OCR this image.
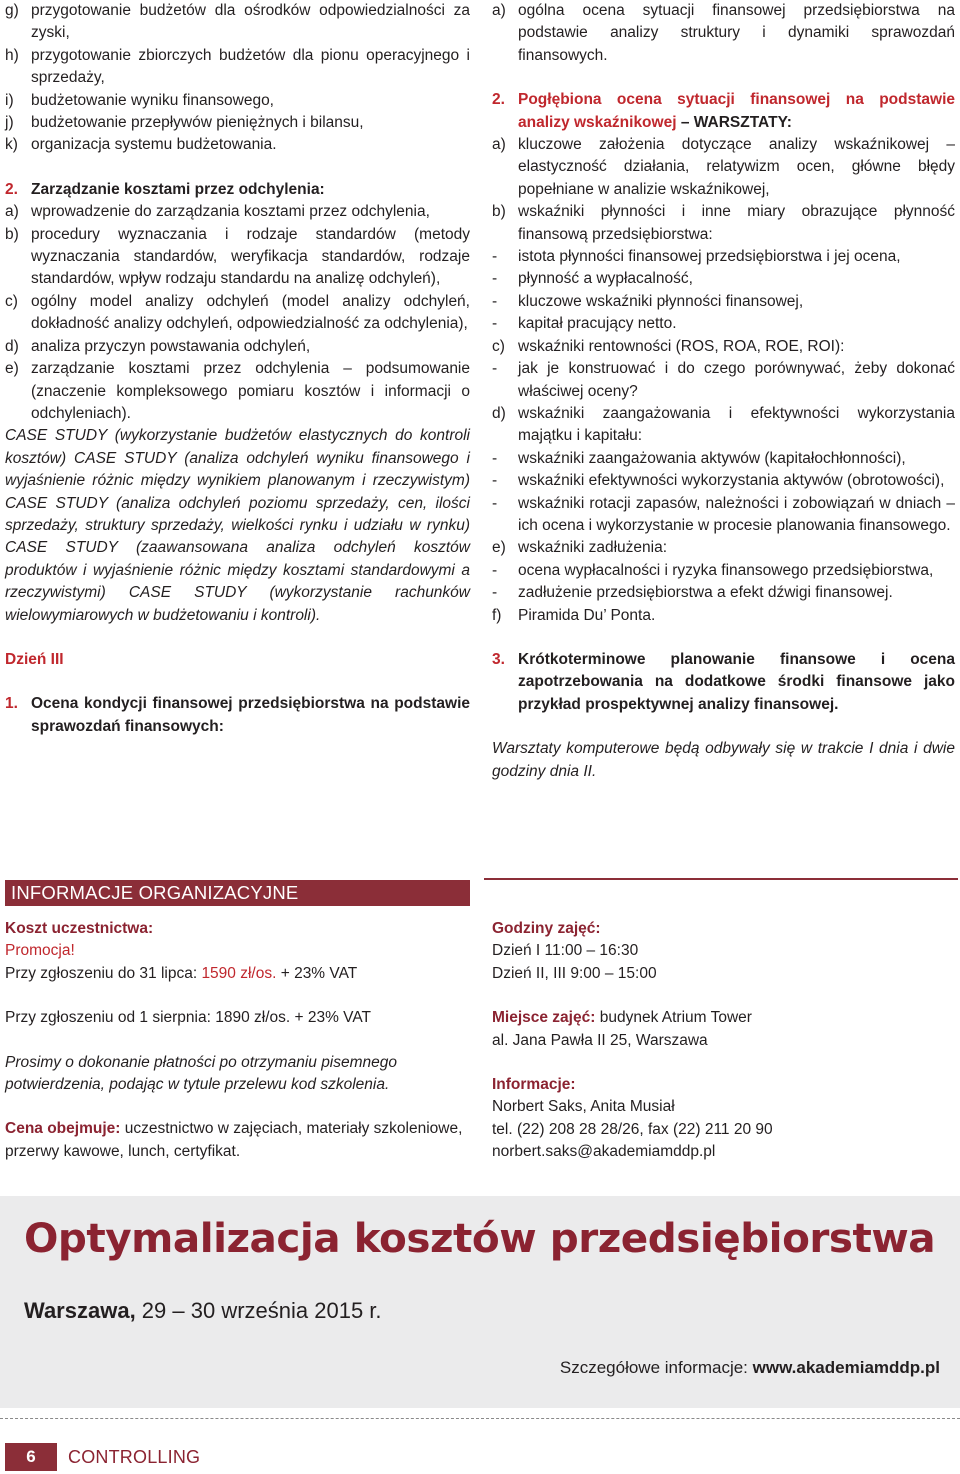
g) przygotowanie budżetów dla ośrodków odpowiedzialności za zyski,
h) przygotowanie zbiorczych budżetów dla pionu operacyjnego i sprzedaży,
i) budżetowanie wyniku finansowego,
j) budżetowanie przepływów pieniężnych i bilansu,
k) organizacja systemu budżetowania.
2. Zarządzanie kosztami przez odchylenia:
a) wprowadzenie do zarządzania kosztami przez odchylenia,
b) procedury wyznaczania i rodzaje standardów (metody wyznaczania standardów, weryfikacja standardów, rodzaje standardów, wpływ rodzaju standardu na analizę odchyleń),
c) ogólny model analizy odchyleń (model analizy odchyleń, dokładność analizy odchyleń, odpowiedzialność za odchylenia),
d) analiza przyczyn powstawania odchyleń,
e) zarządzanie kosztami przez odchylenia – podsumowanie (znaczenie kompleksowego pomiaru kosztów i informacji o odchyleniach).
CASE STUDY (wykorzystanie budżetów elastycznych do kontroli kosztów) CASE STUDY (analiza odchyleń wyniku finansowego i wyjaśnienie różnic między wynikiem planowanym i rzeczywistym) CASE STUDY (analiza odchyleń poziomu sprzedaży, cen, ilości sprzedaży, struktury sprzedaży, wielkości rynku i udziału w rynku) CASE STUDY (zaawansowana analiza odchyleń kosztów produktów i wyjaśnienie różnic między kosztami standardowymi a rzeczywistymi) CASE STUDY (wykorzystanie rachunków wielowymiarowych w budżetowaniu i kontroli).
Dzień III
1. Ocena kondycji finansowej przedsiębiorstwa na podstawie sprawozdań finansowych:
a) ogólna ocena sytuacji finansowej przedsiębiorstwa na podstawie analizy struktury i dynamiki sprawozdań finansowych.
2. Pogłębiona ocena sytuacji finansowej na podstawie analizy wskaźnikowej – WARSZTATY:
a) kluczowe założenia dotyczące analizy wskaźnikowej – elastyczność działania, relatywizm ocen, główne błędy popełniane w analizie wskaźnikowej,
b) wskaźniki płynności i inne miary obrazujące płynność finansową przedsiębiorstwa:
- istota płynności finansowej przedsiębiorstwa i jej ocena,
- płynność a wypłacalność,
- kluczowe wskaźniki płynności finansowej,
- kapitał pracujący netto.
c) wskaźniki rentowności (ROS, ROA, ROE, ROI):
- jak je konstruować i do czego porównywać, żeby dokonać właściwej oceny?
d) wskaźniki zaangażowania i efektywności wykorzystania majątku i kapitału:
- wskaźniki zaangażowania aktywów (kapitałochłonności),
- wskaźniki efektywności wykorzystania aktywów (obrotowości),
- wskaźniki rotacji zapasów, należności i zobowiązań w dniach – ich ocena i wykorzystanie w procesie planowania finansowego.
e) wskaźniki zadłużenia:
- ocena wypłacalności i ryzyka finansowego przedsiębiorstwa,
- zadłużenie przedsiębiorstwa a efekt dźwigi finansowej.
f) Piramida Du’ Ponta.
3. Krótkoterminowe planowanie finansowe i ocena zapotrzebowania na dodatkowe środki finansowe jako przykład prospektywnej analizy finansowej.
Warsztaty komputerowe będą odbywały się w trakcie I dnia i dwie godziny dnia II.
INFORMACJE ORGANIZACYJNE
Koszt uczestnictwa:
Promocja!
Przy zgłoszeniu do 31 lipca: 1590 zł/os. + 23% VAT
Przy zgłoszeniu od 1 sierpnia: 1890 zł/os. + 23% VAT
Prosimy o dokonanie płatności po otrzymaniu pisemnego potwierdzenia, podając w tytule przelewu kod szkolenia.
Cena obejmuje: uczestnictwo w zajęciach, materiały szkoleniowe, przerwy kawowe, lunch, certyfikat.
Godziny zajęć:
Dzień I 11:00 – 16:30
Dzień II, III 9:00 – 15:00
Miejsce zajęć: budynek Atrium Tower
al. Jana Pawła II 25, Warszawa
Informacje:
Norbert Saks, Anita Musiał
tel. (22) 208 28 28/26, fax (22) 211 20 90
norbert.saks@akademiamddp.pl
Optymalizacja kosztów przedsiębiorstwa
Warszawa, 29 – 30 września 2015 r.
Szczegółowe informacje: www.akademiamddp.pl
6	CONTROLLING
